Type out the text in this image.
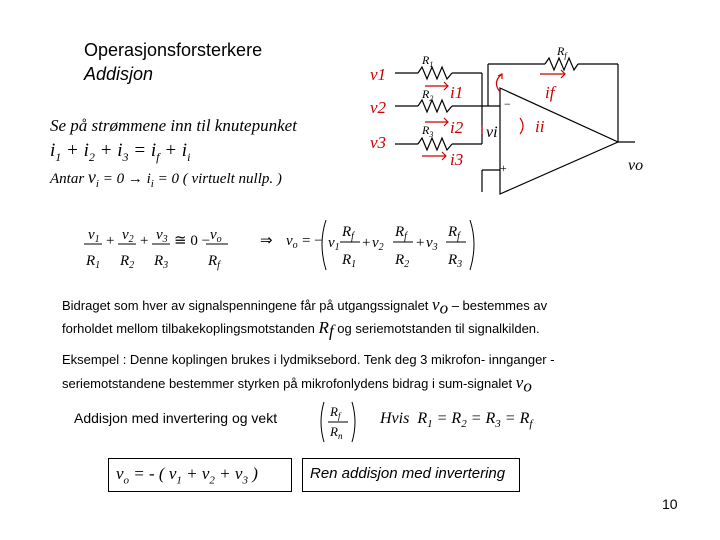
Operasjonsforsterkere
Addisjon
Se på strømmene inn til knutepunket
$i_1 + i_2 + i_3 = i_f + i_i$
Antar $v_i = 0 \to i_i = 0$ ( virtuelt nullp. )
v1
v2
v3
i1
i2
i3
if
ii
$R_1$
$R_2$
$R_3$
$R_f$
vi
vo
−
+
$v_1$
$R_1$
+ $v_2$
$R_2$
+ $v_3$
$R_3$
≅ $0 - v_o$
$R_f$
⇒ $v_o$ = − $v_1$
$R_f$
$R_1$
+ $v_2$
$R_f$
$R_2$
+ $v_3$
$R_f$
$R_3$
Bidraget som hver av signalspenningene får på utgangssignalet $v_o$ – bestemmes av
forholdet mellom tilbakekoplingsmotstanden $R_f$ og seriemotstanden til signalkilden.
Eksempel : Denne koplingen brukes i lydmiksebord. Tenk deg 3 mikrofon- innganger -
seriemotstandene bestemmer styrken på mikrofonlydens bidrag i sum-signalet $v_o$
Addisjon med invertering og vekt	$R_f$
$R_n$
Hvis $R_1 = R_2 = R_3 = R_f$
$v_o$ = - ( $v_1 + v_2 + v_3$ )	Ren addisjon med invertering
10
